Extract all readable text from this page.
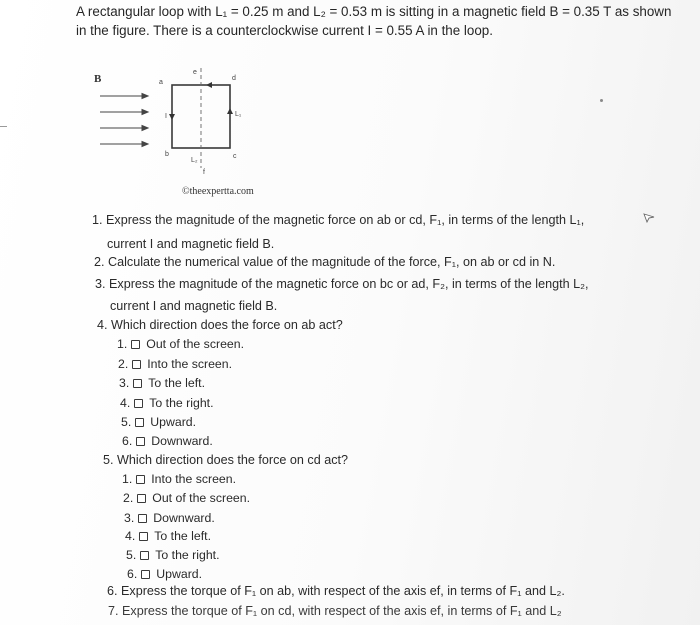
A rectangular loop with L₁ = 0.25 m and L₂ = 0.53 m is sitting in a magnetic field B = 0.35 T as shown
in the figure. There is a counterclockwise current I = 0.55 A in the loop.
B⃗	a
b	c
d
e
f
I	L₁
L₂
©theexpertta.com
1. Express the magnitude of the magnetic force on ab or cd, F₁, in terms of the length L₁,
current I and magnetic field B.
2. Calculate the numerical value of the magnitude of the force, F₁, on ab or cd in N.
3. Express the magnitude of the magnetic force on bc or ad, F₂, in terms of the length L₂,
current I and magnetic field B.
4. Which direction does the force on ab act?
1. Out of the screen.
2. Into the screen.
3. To the left.
4. To the right.
5. Upward.
6. Downward.
5. Which direction does the force on cd act?
1. Into the screen.
2. Out of the screen.
3. Downward.
4. To the left.
5. To the right.
6. Upward.
6. Express the torque of F₁ on ab, with respect of the axis ef, in terms of F₁ and L₂.
7. Express the torque of F₁ on cd, with respect of the axis ef, in terms of F₁ and L₂
